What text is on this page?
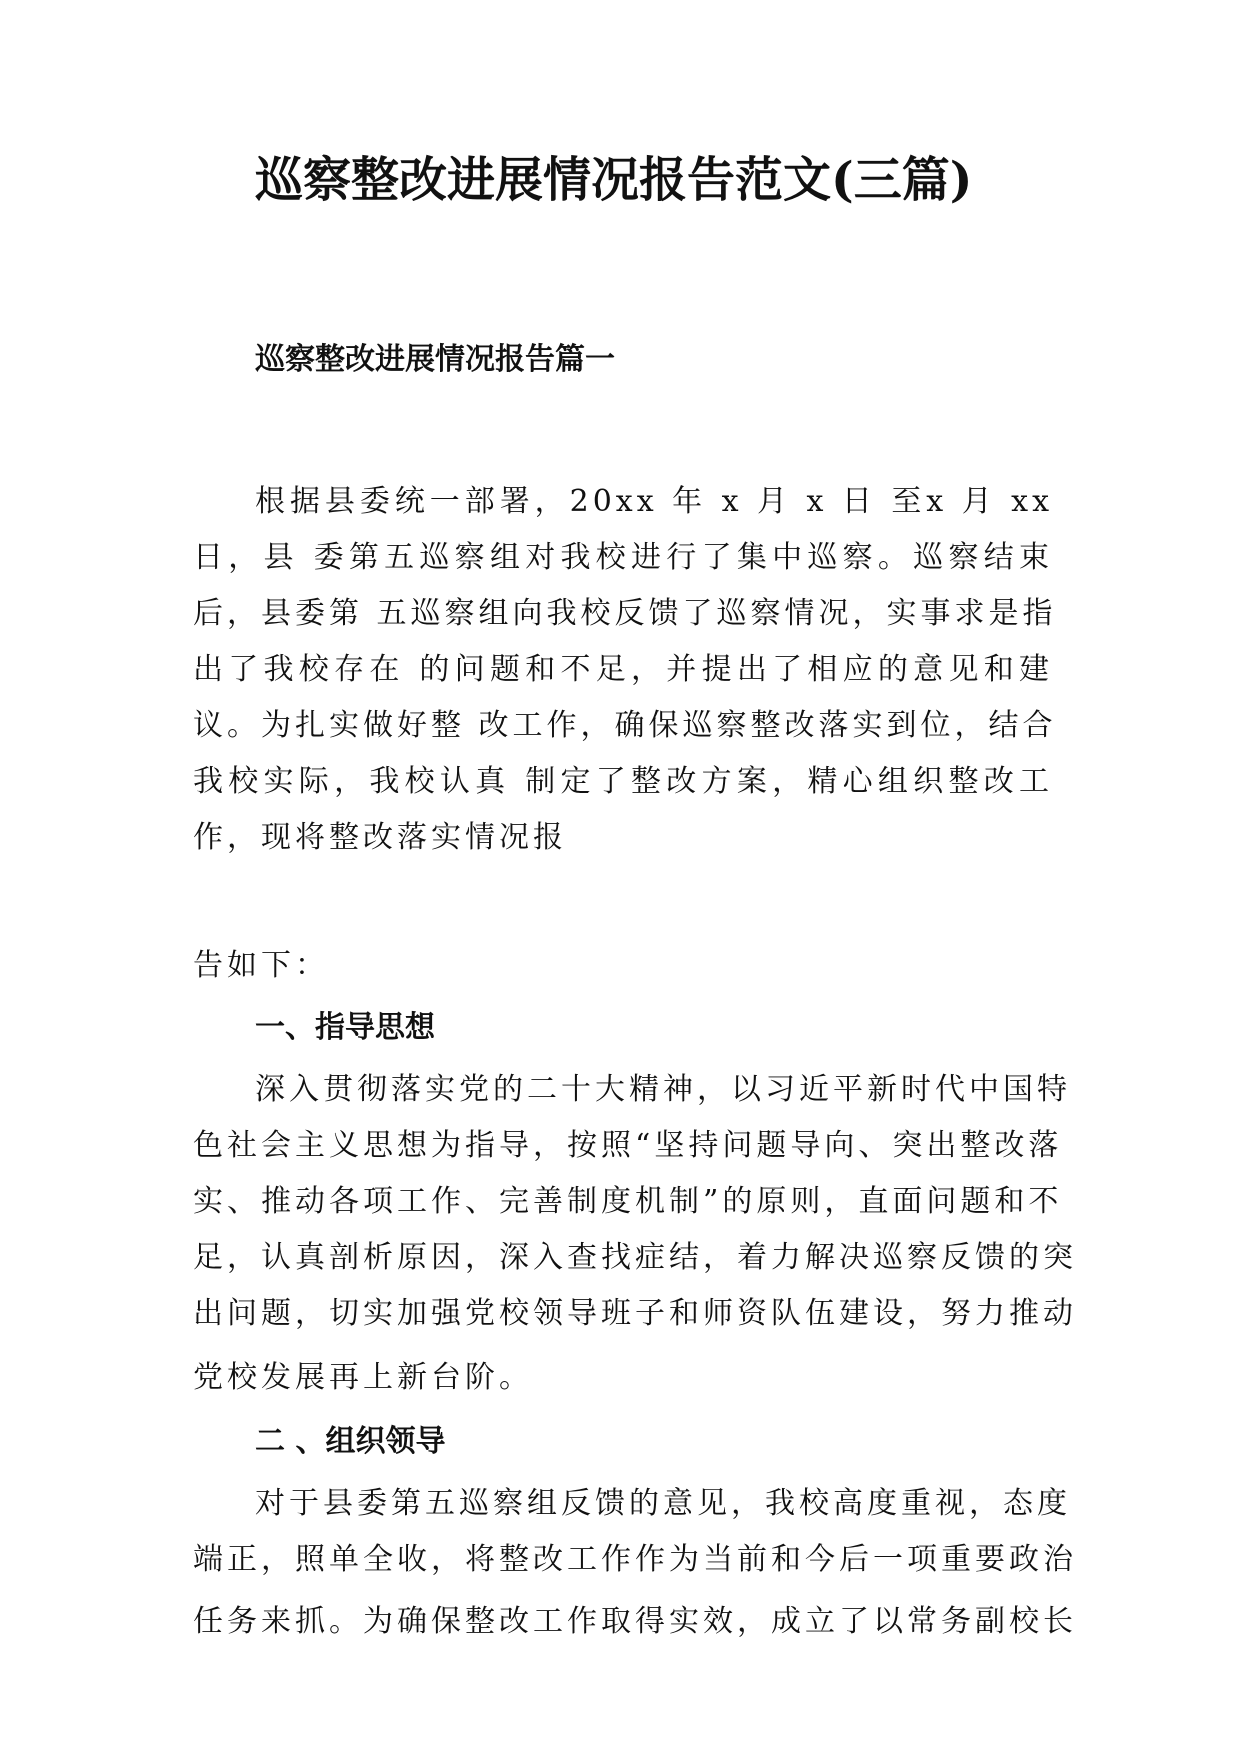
巡察整改进展情况报告范文(三篇)
巡察整改进展情况报告篇一
根据县委统一部署，20xx 年 x 月 x 日 至x 月 xx
日，县 委第五巡察组对我校进行了集中巡察。巡察结束
后，县委第 五巡察组向我校反馈了巡察情况，实事求是指
出了我校存在 的问题和不足，并提出了相应的意见和建
议。为扎实做好整 改工作，确保巡察整改落实到位，结合
我校实际，我校认真 制定了整改方案，精心组织整改工
作，现将整改落实情况报
告如下：
一、指导思想
深入贯彻落实党的二十大精神，以习近平新时代中国特
色社会主义思想为指导，按照“坚持问题导向、突出整改落
实、推动各项工作、完善制度机制”的原则，直面问题和不
足，认真剖析原因，深入查找症结，着力解决巡察反馈的突
出问题，切实加强党校领导班子和师资队伍建设，努力推动
党校发展再上新台阶。
二 、组织领导
对于县委第五巡察组反馈的意见，我校高度重视，态度
端正，照单全收，将整改工作作为当前和今后一项重要政治
任务来抓。为确保整改工作取得实效，成立了以常务副校长
